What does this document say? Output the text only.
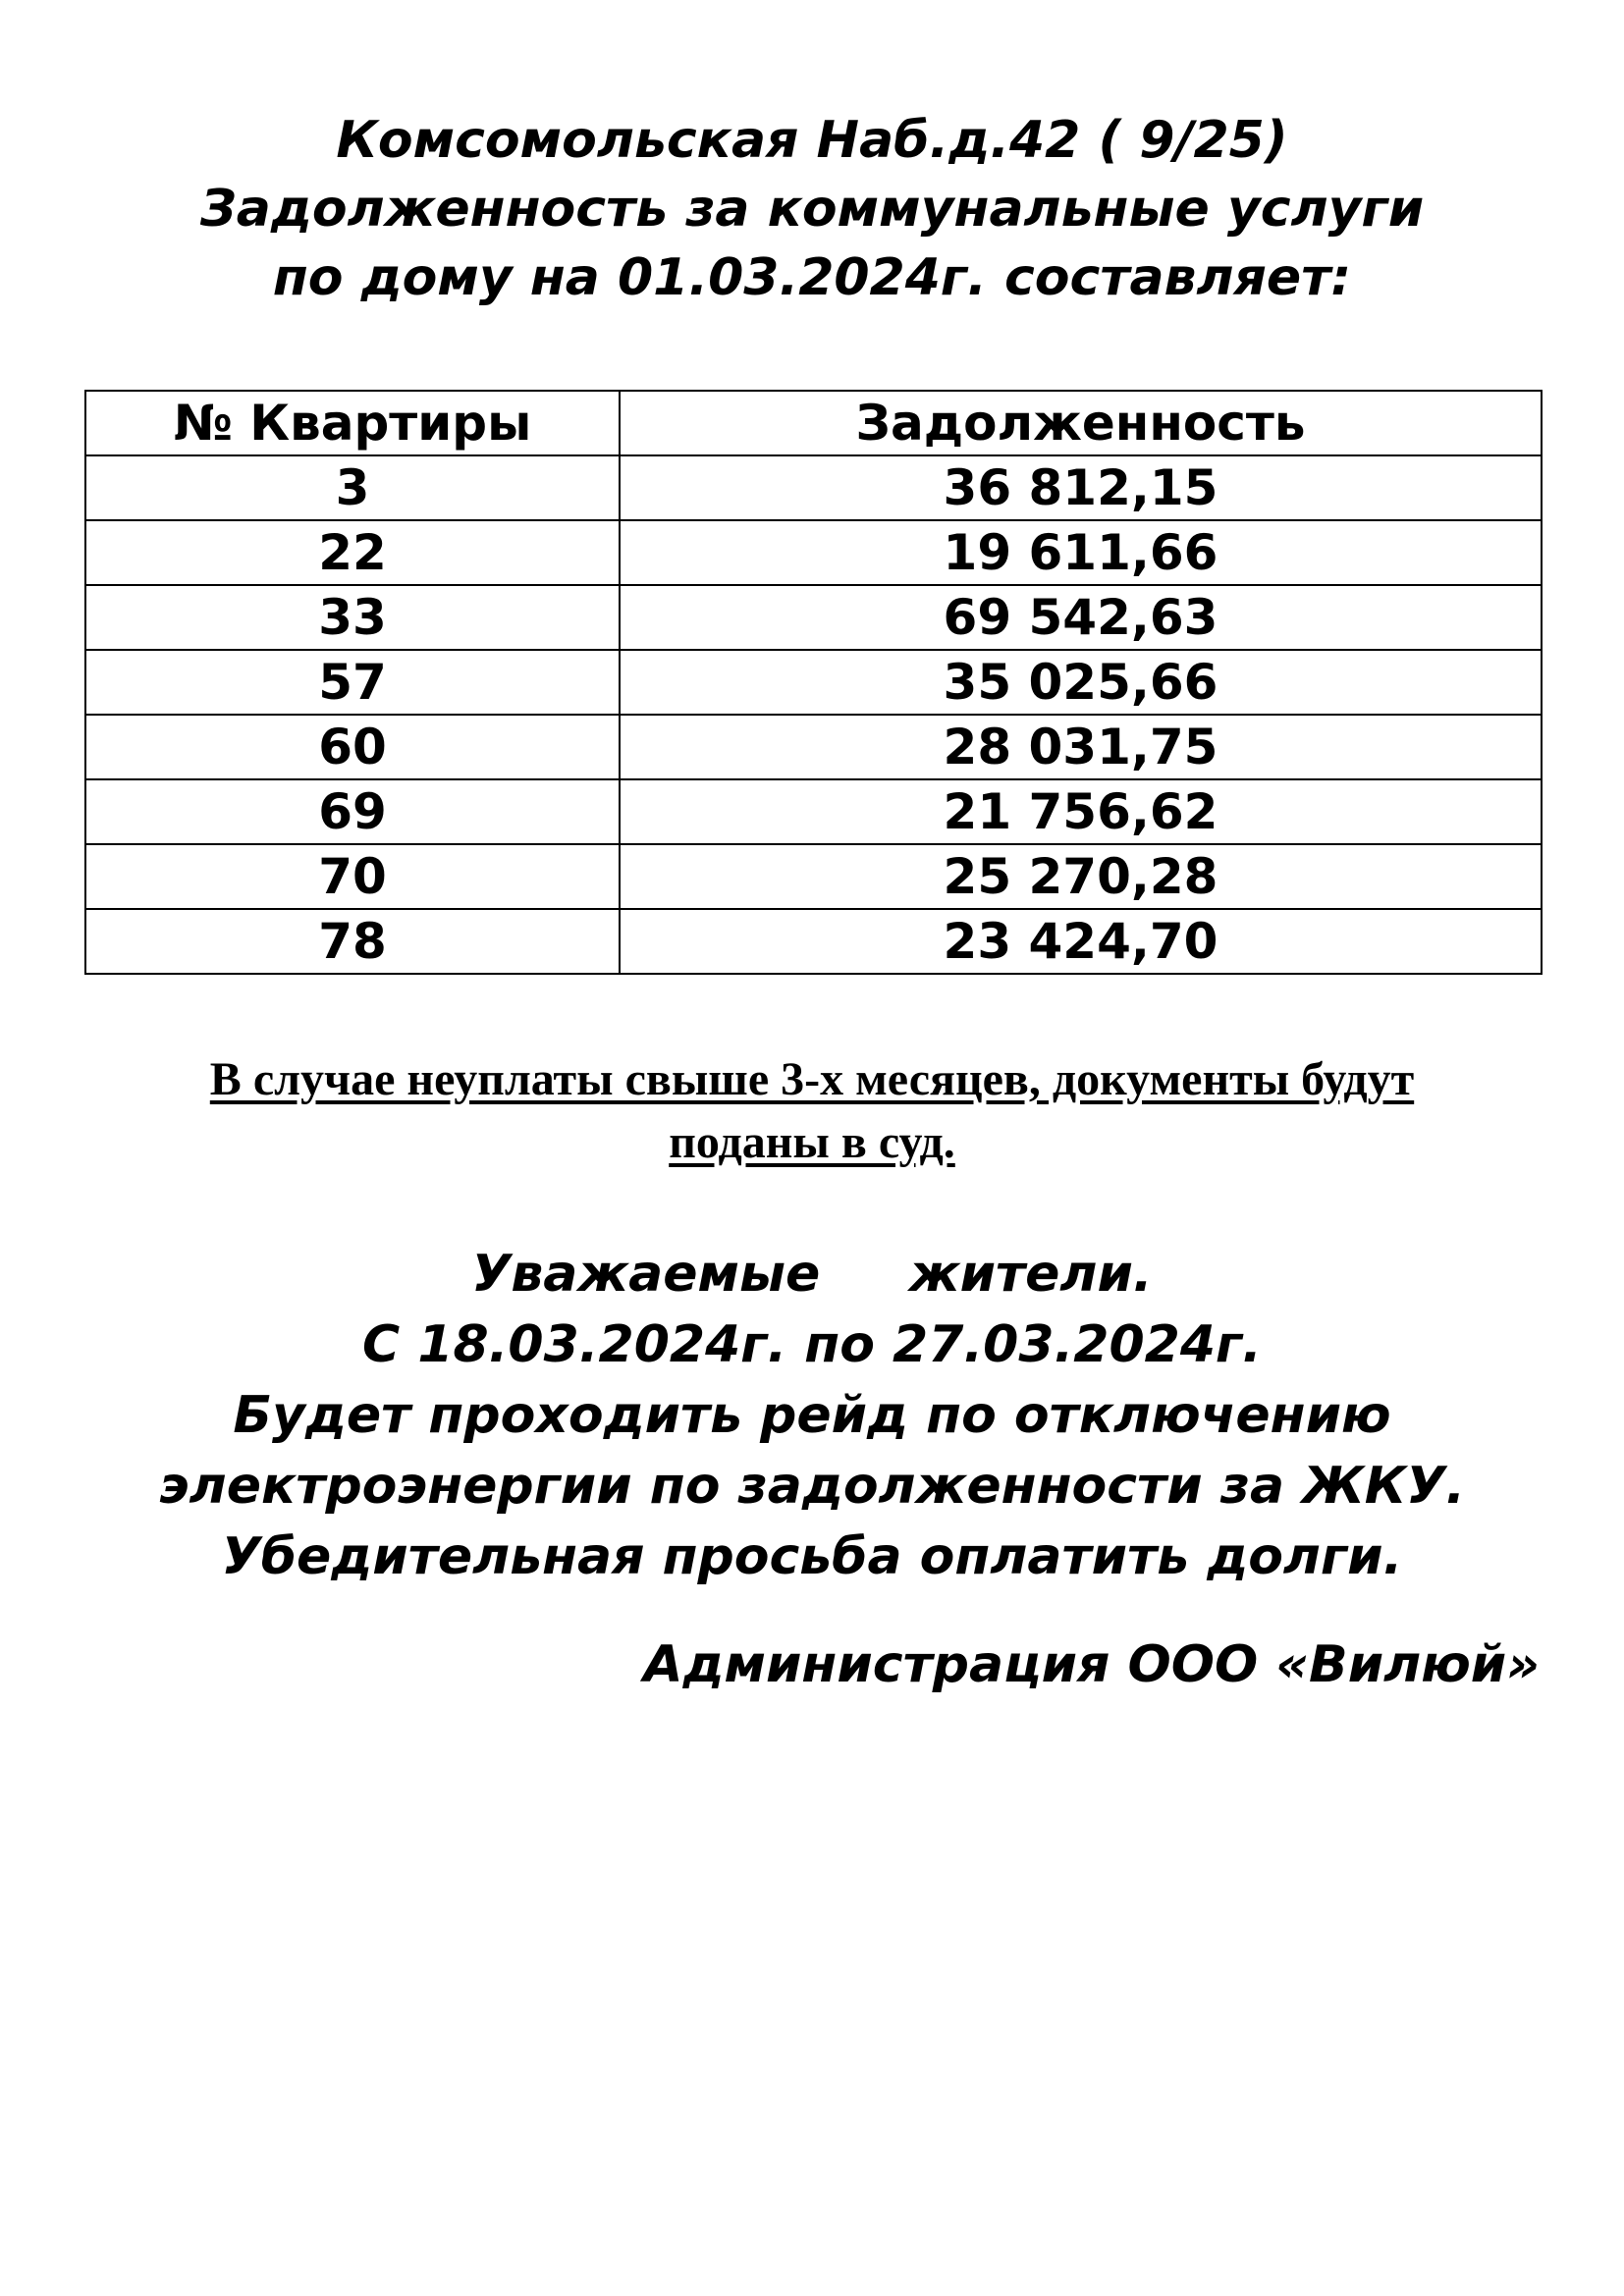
Комсомольская Наб.д.42 ( 9/25)
Задолженность за коммунальные услуги
по дому на 01.03.2024г. составляет:
№ Квартиры	Задолженность
3	36 812,15
22	19 611,66
33	69 542,63
57	35 025,66
60	28 031,75
69	21 756,62
70	25 270,28
78	23 424,70
В случае неуплаты свыше 3-х месяцев, документы будут
поданы в суд.
Уважаемые     жители.
С 18.03.2024г. по 27.03.2024г.
Будет проходить рейд по отключению
электроэнергии по задолженности за ЖКУ.
Убедительная просьба оплатить долги.
Администрация ООО «Вилюй»
